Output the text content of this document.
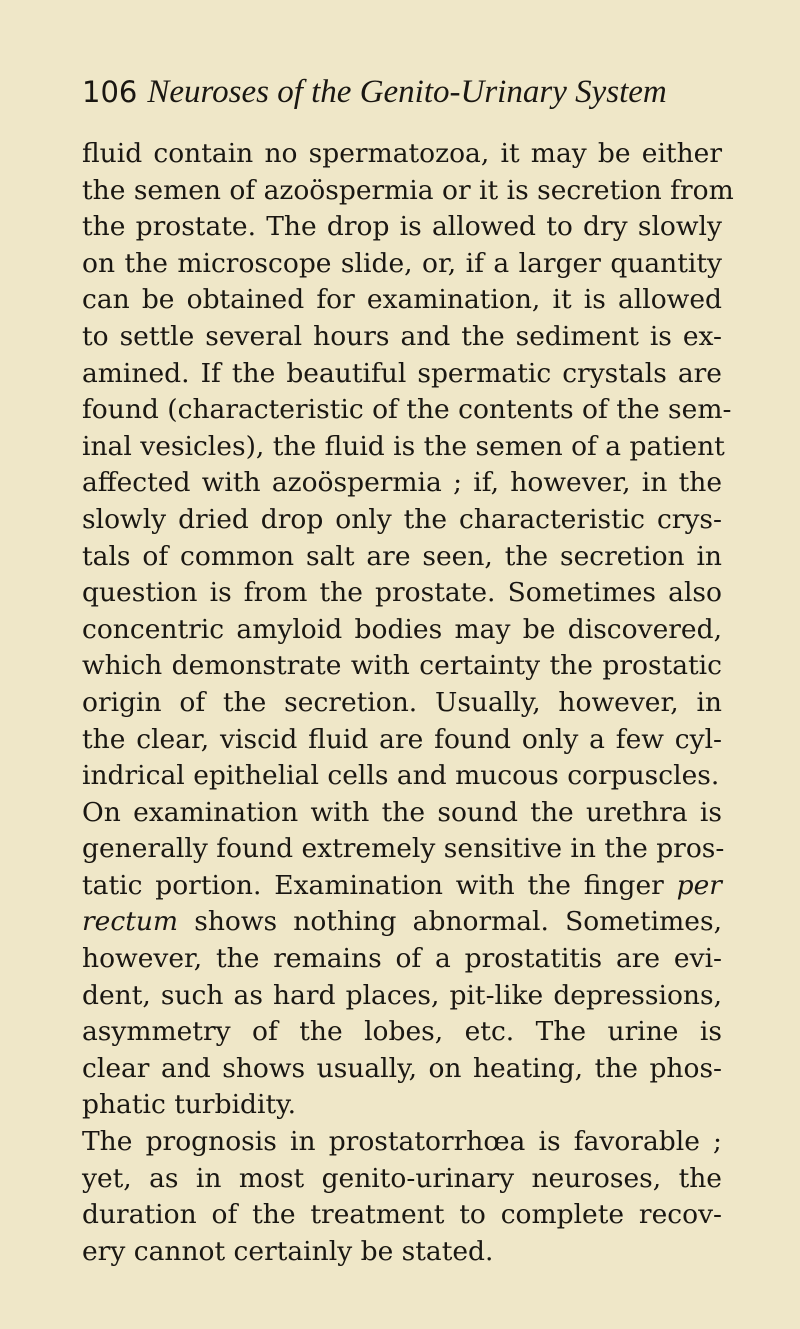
106 Neuroses of the Genito-Urinary System
fluid contain no spermatozoa, it may be either
the semen of azoöspermia or it is secretion from
the prostate. The drop is allowed to dry slowly
on the microscope slide, or, if a larger quantity
can be obtained for examination, it is allowed
to settle several hours and the sediment is ex-
amined. If the beautiful spermatic crystals are
found (characteristic of the contents of the sem-
inal vesicles), the fluid is the semen of a patient
affected with azoöspermia ; if, however, in the
slowly dried drop only the characteristic crys-
tals of common salt are seen, the secretion in
question is from the prostate. Sometimes also
concentric amyloid bodies may be discovered,
which demonstrate with certainty the prostatic
origin of the secretion. Usually, however, in
the clear, viscid fluid are found only a few cyl-
indrical epithelial cells and mucous corpuscles.
On examination with the sound the urethra is
generally found extremely sensitive in the pros-
tatic portion. Examination with the finger per
rectum shows nothing abnormal. Sometimes,
however, the remains of a prostatitis are evi-
dent, such as hard places, pit-like depressions,
asymmetry of the lobes, etc. The urine is
clear and shows usually, on heating, the phos-
phatic turbidity.
The prognosis in prostatorrhœa is favorable ;
yet, as in most genito-urinary neuroses, the
duration of the treatment to complete recov-
ery cannot certainly be stated.
